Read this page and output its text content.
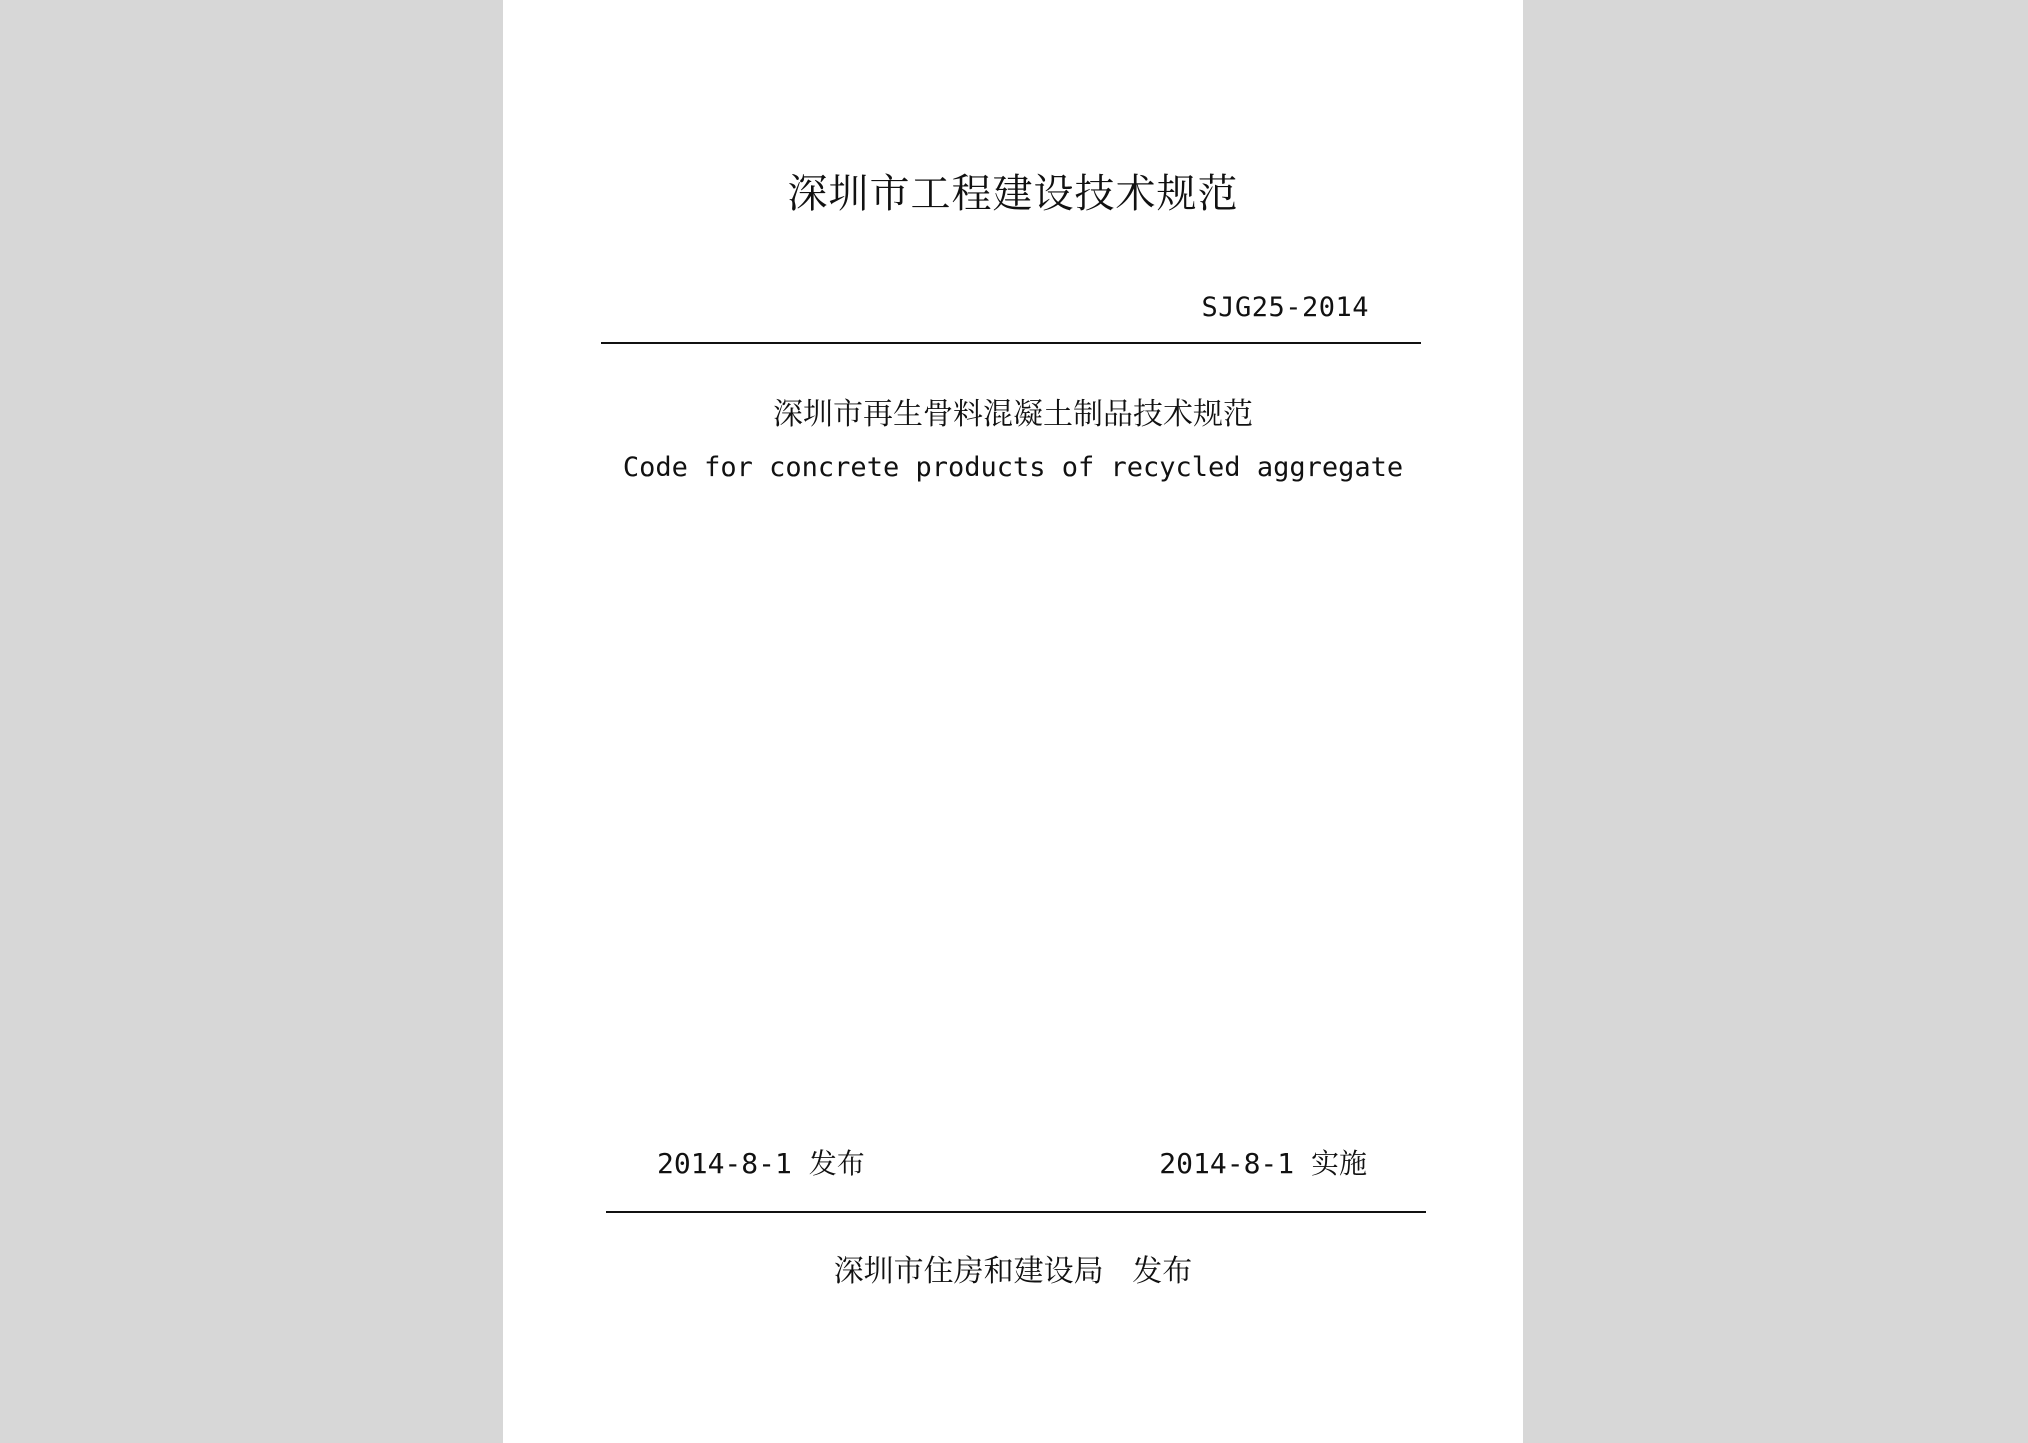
深圳市工程建设技术规范
SJG25-2014
深圳市再生骨料混凝土制品技术规范
Code for concrete products of recycled aggregate
2014-8-1 发布	2014-8-1 实施
深圳市住房和建设局   发布
